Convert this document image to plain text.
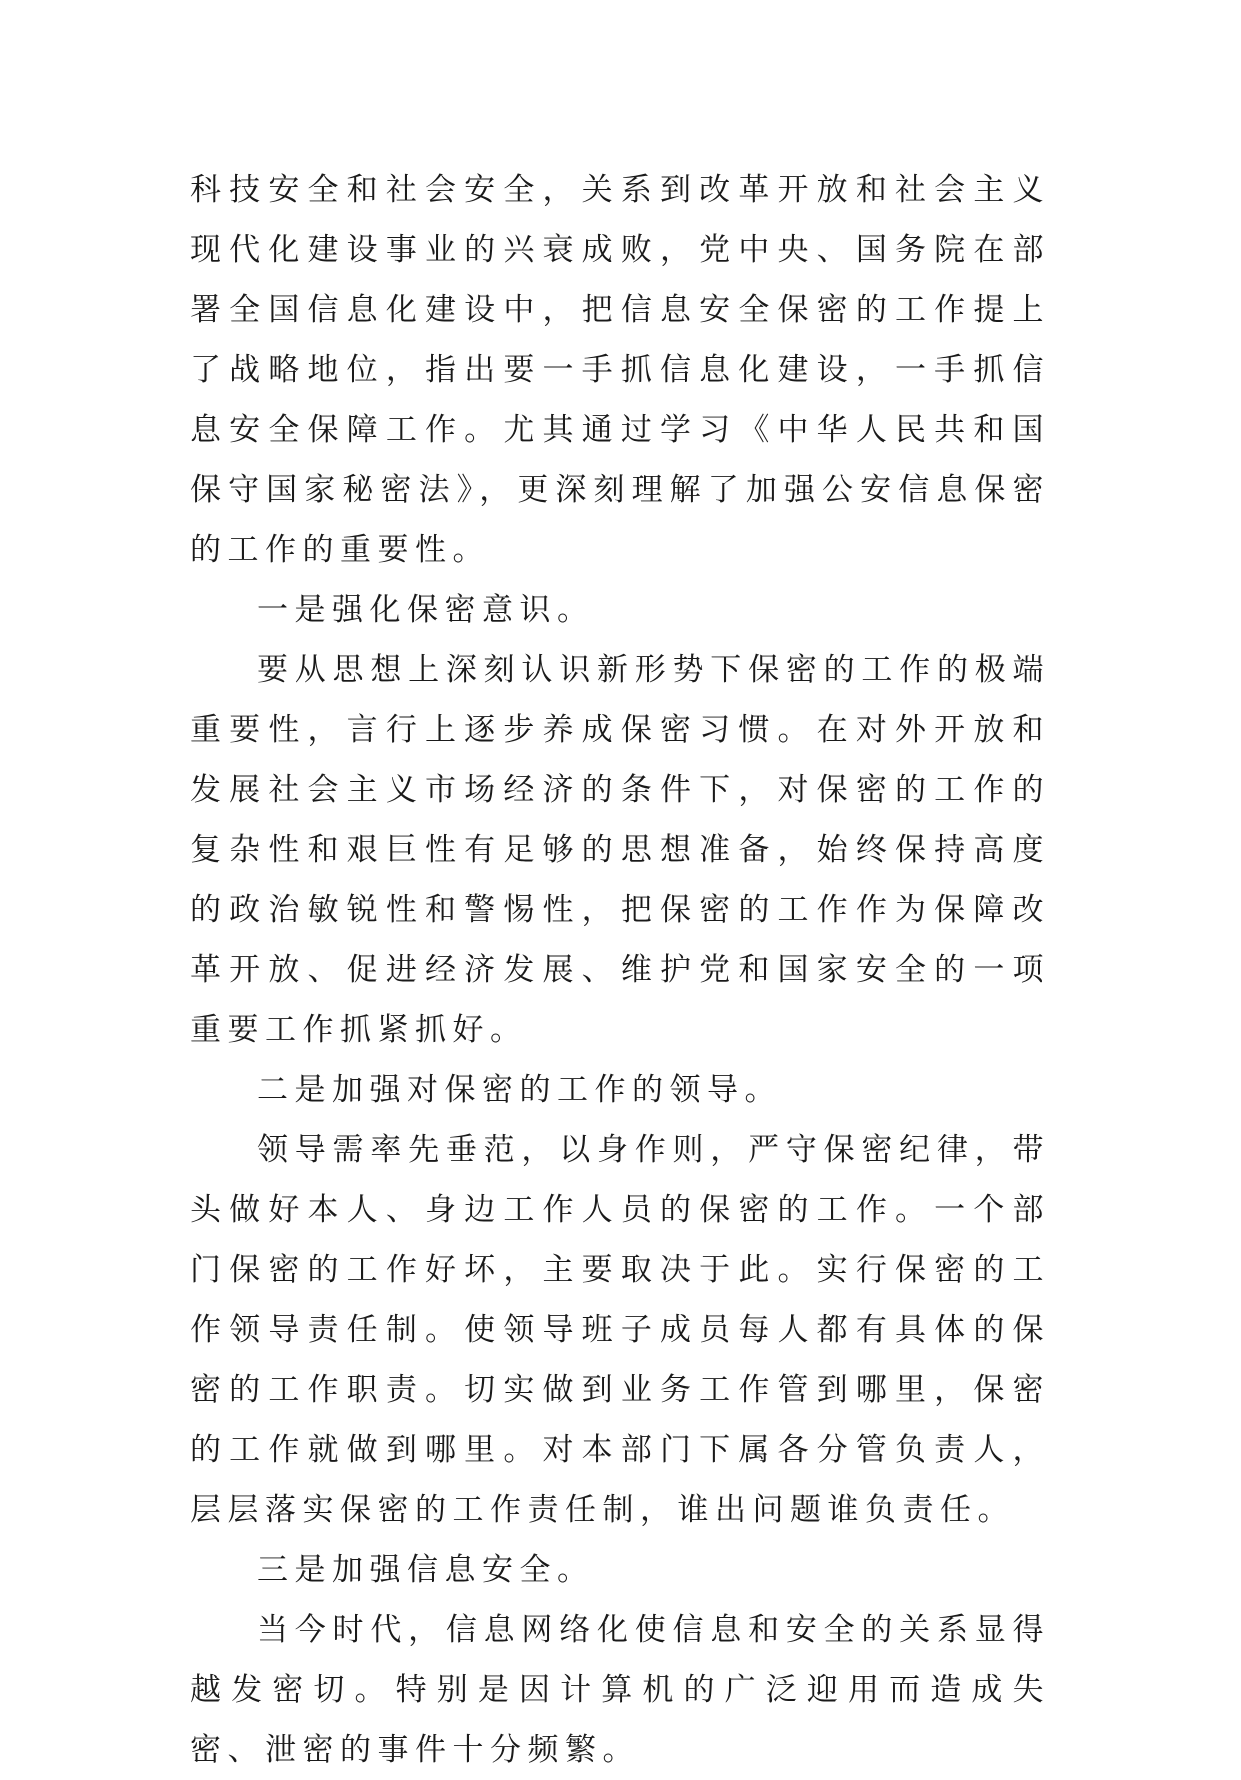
科技安全和社会安全，关系到改革开放和社会主义现代化建设事业的兴衰成败，党中央、国务院在部署全国信息化建设中，把信息安全保密的工作提上了战略地位，指出要一手抓信息化建设，一手抓信息安全保障工作。尤其通过学习《中华人民共和国保守国家秘密法》，更深刻理解了加强公安信息保密的工作的重要性。

一是强化保密意识。

要从思想上深刻认识新形势下保密的工作的极端重要性，言行上逐步养成保密习惯。在对外开放和发展社会主义市场经济的条件下，对保密的工作的复杂性和艰巨性有足够的思想准备，始终保持高度的政治敏锐性和警惕性，把保密的工作作为保障改革开放、促进经济发展、维护党和国家安全的一项重要工作抓紧抓好。

二是加强对保密的工作的领导。

领导需率先垂范，以身作则，严守保密纪律，带头做好本人、身边工作人员的保密的工作。一个部门保密的工作好坏，主要取决于此。实行保密的工作领导责任制。使领导班子成员每人都有具体的保密的工作职责。切实做到业务工作管到哪里，保密的工作就做到哪里。对本部门下属各分管负责人，层层落实保密的工作责任制，谁出问题谁负责任。

三是加强信息安全。

当今时代，信息网络化使信息和安全的关系显得越发密切。特别是因计算机的广泛迎用而造成失密、泄密的事件十分频繁。
